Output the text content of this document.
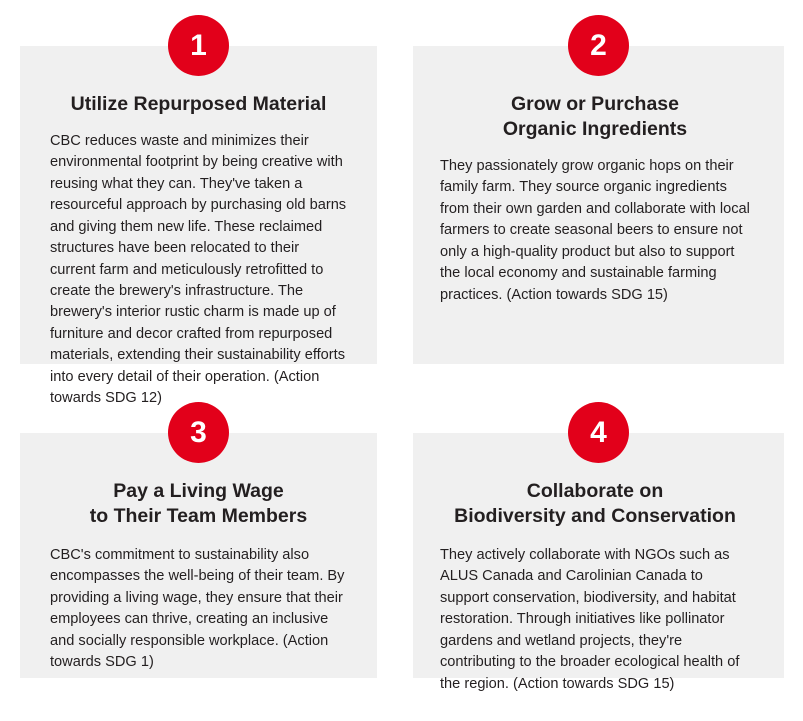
Utilize Repurposed Material

CBC reduces waste and minimizes their environmental footprint by being creative with reusing what they can. They've taken a resourceful approach by purchasing old barns and giving them new life. These reclaimed structures have been relocated to their current farm and meticulously retrofitted to create the brewery's infrastructure. The brewery's interior rustic charm is made up of furniture and decor crafted from repurposed materials, extending their sustainability efforts into every detail of their operation. (Action towards SDG 12)

1
Grow or Purchase
Organic Ingredients

They passionately grow organic hops on their family farm. They source organic ingredients from their own garden and collaborate with local farmers to create seasonal beers to ensure not only a high-quality product but also to support the local economy and sustainable farming practices. (Action towards SDG 15)

2
Pay a Living Wage
to Their Team Members

CBC's commitment to sustainability also encompasses the well-being of their team. By providing a living wage, they ensure that their employees can thrive, creating an inclusive and socially responsible workplace. (Action towards SDG 1)

3
Collaborate on
Biodiversity and Conservation

They actively collaborate with NGOs such as ALUS Canada and Carolinian Canada to support conservation, biodiversity, and habitat restoration. Through initiatives like pollinator gardens and wetland projects, they're contributing to the broader ecological health of the region. (Action towards SDG 15)

4
